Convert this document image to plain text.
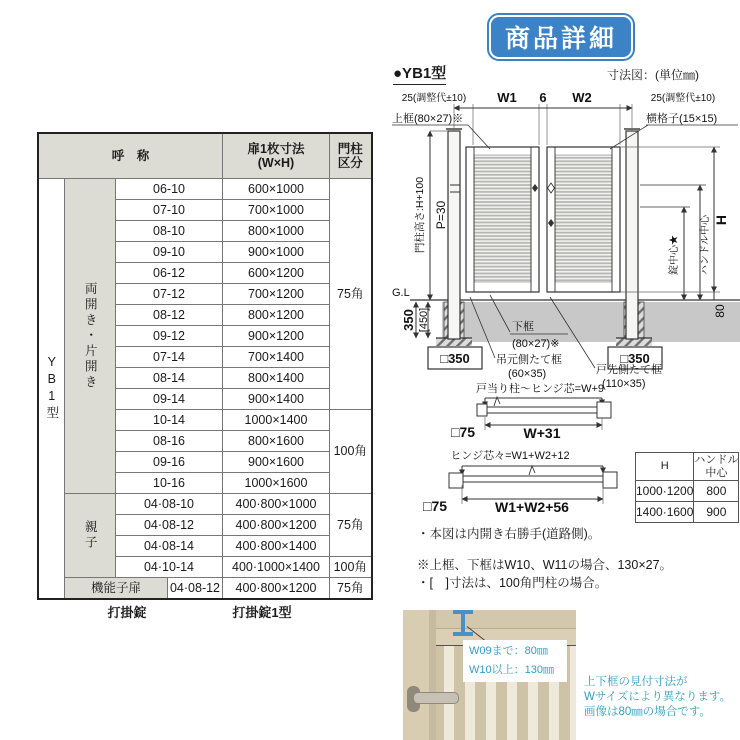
商品詳細
●YB1型	寸法図：(単位㎜)
呼　称				扉1枚寸法
(W×H)	門柱
区分

YB1型	両開き・片開き	06-10		600×1000	75角
		07-10		700×1000	
		08-10		800×1000	
		09-10		900×1000	
		06-12		600×1200	
		07-12		700×1200	
		08-12		800×1200	
		09-12		900×1200	
		07-14		700×1400	
		08-14		800×1400	
		09-14		900×1400	
		10-14		1000×1400	100角
		08-16		800×1600	
		09-16		900×1600	
		10-16		1000×1600	

	親子	04·08-10		400·800×1000	75角
		04·08-12		400·800×1200	
		04·08-14		400·800×1400	
		04·10-14		400·1000×1400	100角
	機能子扉		04·08-12	400·800×1200	75角
打掛錠	打掛錠1型
25(調整代±10) W1 6 W2	25(調整代±10)
上框(80×27)※	横格子(15×15)
門柱高さ:H+100 P=30
G.L
350 [450]
□350	□350
ハンドル中心
錠中心★
H
80
下框
(80×27)※
吊元側たて框
(60×35)	戸先側たて框
(110×35)
戸当り柱～ヒンジ芯=W+9
□75	W+31
ヒンジ芯々=W1+W2+12
□75	W1+W2+56
H	ハンドル
中心
1000·1200	800
1400·1600	900
・本図は内開き右勝手(道路側)。
※上框、下框はW10、W11の場合、130×27。
・[　]寸法は、100角門柱の場合。
W09まで：80㎜
W10以上：130㎜
上下框の見付寸法が
Wサイズにより異なります。
画像は80㎜の場合です。
